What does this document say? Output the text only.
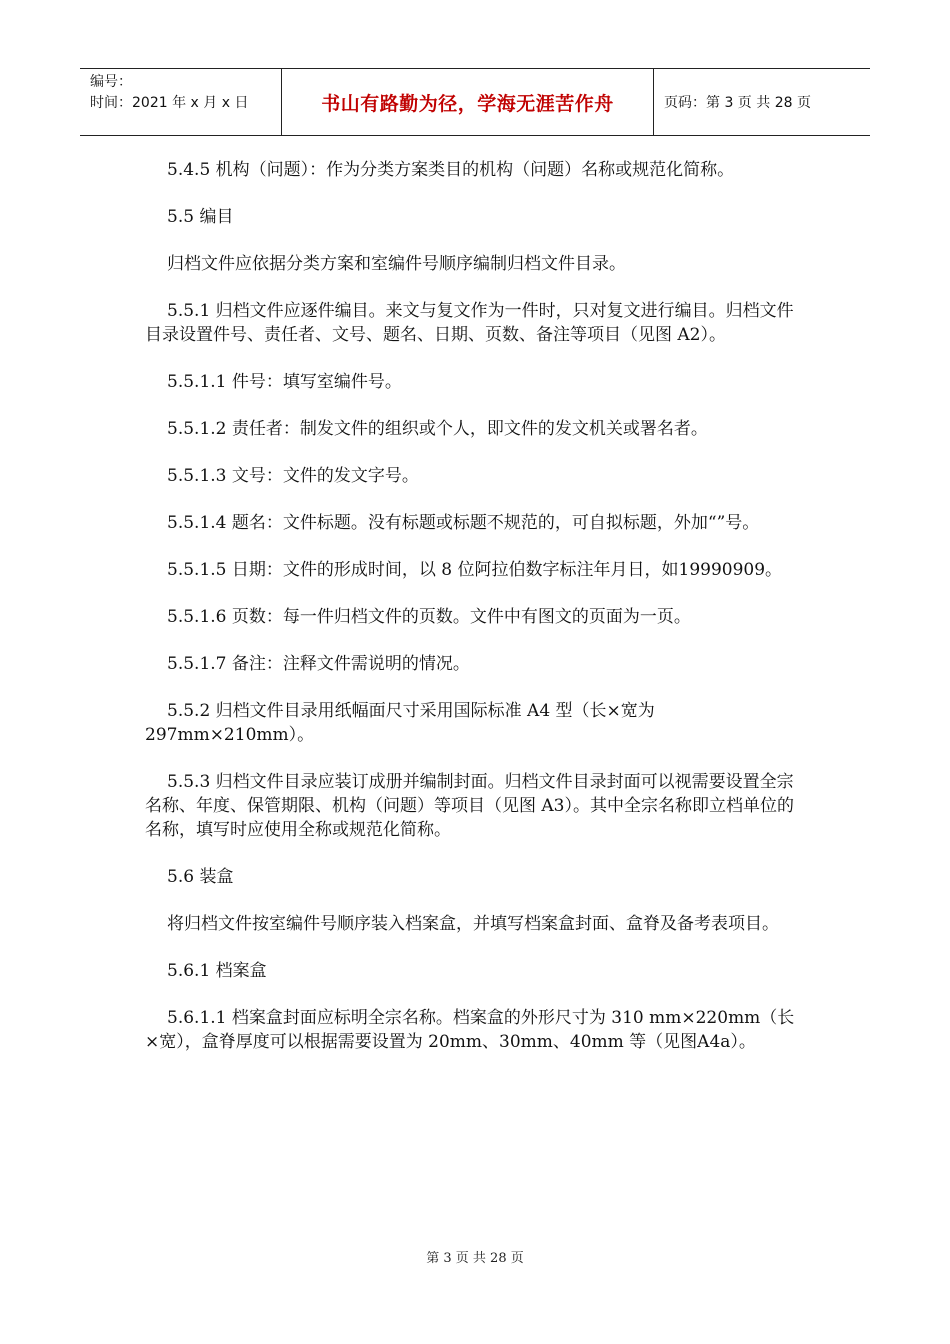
编号：
时间：2021 年 x 月 x 日	书山有路勤为径，学海无涯苦作舟	页码：第 3 页 共 28 页

5.4.5 机构（问题）：作为分类方案类目的机构（问题）名称或规范化简称。

5.5 编目

归档文件应依据分类方案和室编件号顺序编制归档文件目录。

5.5.1 归档文件应逐件编目。来文与复文作为一件时，只对复文进行编目。归档文件目录设置件号、责任者、文号、题名、日期、页数、备注等项目（见图 A2）。

5.5.1.1 件号：填写室编件号。

5.5.1.2 责任者：制发文件的组织或个人，即文件的发文机关或署名者。

5.5.1.3 文号：文件的发文字号。

5.5.1.4 题名：文件标题。没有标题或标题不规范的，可自拟标题，外加“”号。

5.5.1.5 日期：文件的形成时间，以 8 位阿拉伯数字标注年月日，如19990909。

5.5.1.6 页数：每一件归档文件的页数。文件中有图文的页面为一页。

5.5.1.7 备注：注释文件需说明的情况。

5.5.2 归档文件目录用纸幅面尺寸采用国际标准 A4 型（长×宽为297mm×210mm）。

5.5.3 归档文件目录应装订成册并编制封面。归档文件目录封面可以视需要设置全宗名称、年度、保管期限、机构（问题）等项目（见图 A3）。其中全宗名称即立档单位的名称，填写时应使用全称或规范化简称。

5.6 装盒

将归档文件按室编件号顺序装入档案盒，并填写档案盒封面、盒脊及备考表项目。

5.6.1 档案盒

5.6.1.1 档案盒封面应标明全宗名称。档案盒的外形尺寸为 310 mm×220mm（长×宽），盒脊厚度可以根据需要设置为 20mm、30mm、40mm 等（见图A4a）。

第 3 页 共 28 页
